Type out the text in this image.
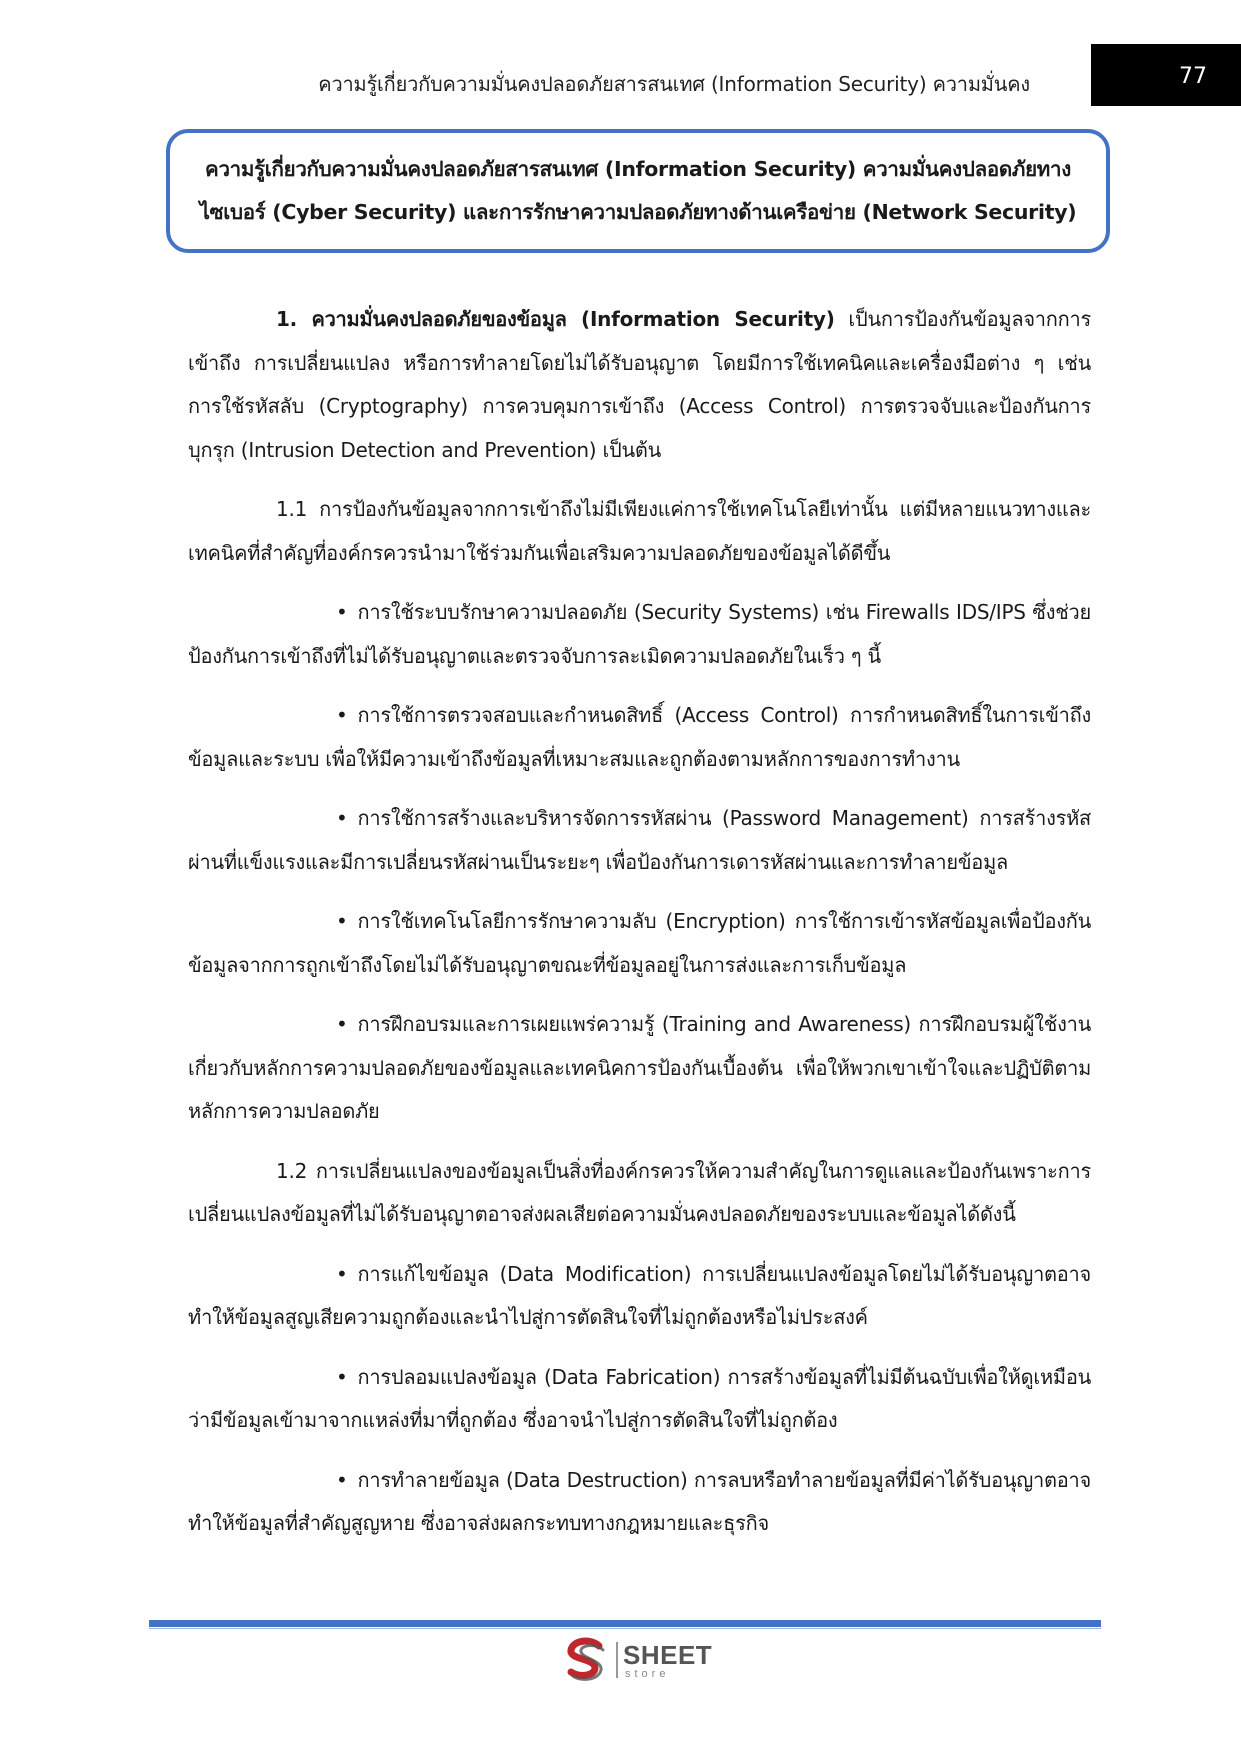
ความรู้เกี่ยวกับความมั่นคงปลอดภัยสารสนเทศ (Information Security) ความมั่นคง	77
ความรู้เกี่ยวกับความมั่นคงปลอดภัยสารสนเทศ (Information Security) ความมั่นคงปลอดภัยทาง
ไซเบอร์ (Cyber Security) และการรักษาความปลอดภัยทางด้านเครือข่าย (Network Security)

1. ความมั่นคงปลอดภัยของข้อมูล (Information Security) เป็นการป้องกันข้อมูลจากการเข้าถึง การเปลี่ยนแปลง หรือการทำลายโดยไม่ได้รับอนุญาต โดยมีการใช้เทคนิคและเครื่องมือต่าง ๆ เช่น การใช้รหัสลับ (Cryptography) การควบคุมการเข้าถึง (Access Control) การตรวจจับและป้องกันการบุกรุก (Intrusion Detection and Prevention) เป็นต้น

1.1 การป้องกันข้อมูลจากการเข้าถึงไม่มีเพียงแค่การใช้เทคโนโลยีเท่านั้น แต่มีหลายแนวทางและเทคนิคที่สำคัญที่องค์กรควรนำมาใช้ร่วมกันเพื่อเสริมความปลอดภัยของข้อมูลได้ดีขึ้น

• การใช้ระบบรักษาความปลอดภัย (Security Systems) เช่น Firewalls IDS/IPS ซึ่งช่วยป้องกันการเข้าถึงที่ไม่ได้รับอนุญาตและตรวจจับการละเมิดความปลอดภัยในเร็ว ๆ นี้

• การใช้การตรวจสอบและกำหนดสิทธิ์ (Access Control) การกำหนดสิทธิ์ในการเข้าถึงข้อมูลและระบบ เพื่อให้มีความเข้าถึงข้อมูลที่เหมาะสมและถูกต้องตามหลักการของการทำงาน

• การใช้การสร้างและบริหารจัดการรหัสผ่าน (Password Management) การสร้างรหัสผ่านที่แข็งแรงและมีการเปลี่ยนรหัสผ่านเป็นระยะๆ เพื่อป้องกันการเดารหัสผ่านและการทำลายข้อมูล

• การใช้เทคโนโลยีการรักษาความลับ (Encryption) การใช้การเข้ารหัสข้อมูลเพื่อป้องกันข้อมูลจากการถูกเข้าถึงโดยไม่ได้รับอนุญาตขณะที่ข้อมูลอยู่ในการส่งและการเก็บข้อมูล

• การฝึกอบรมและการเผยแพร่ความรู้ (Training and Awareness) การฝึกอบรมผู้ใช้งานเกี่ยวกับหลักการความปลอดภัยของข้อมูลและเทคนิคการป้องกันเบื้องต้น เพื่อให้พวกเขาเข้าใจและปฏิบัติตามหลักการความปลอดภัย

1.2 การเปลี่ยนแปลงของข้อมูลเป็นสิ่งที่องค์กรควรให้ความสำคัญในการดูแลและป้องกันเพราะการเปลี่ยนแปลงข้อมูลที่ไม่ได้รับอนุญาตอาจส่งผลเสียต่อความมั่นคงปลอดภัยของระบบและข้อมูลได้ดังนี้

• การแก้ไขข้อมูล (Data Modification) การเปลี่ยนแปลงข้อมูลโดยไม่ได้รับอนุญาตอาจทำให้ข้อมูลสูญเสียความถูกต้องและนำไปสู่การตัดสินใจที่ไม่ถูกต้องหรือไม่ประสงค์

• การปลอมแปลงข้อมูล (Data Fabrication) การสร้างข้อมูลที่ไม่มีต้นฉบับเพื่อให้ดูเหมือนว่ามีข้อมูลเข้ามาจากแหล่งที่มาที่ถูกต้อง ซึ่งอาจนำไปสู่การตัดสินใจที่ไม่ถูกต้อง

• การทำลายข้อมูล (Data Destruction) การลบหรือทำลายข้อมูลที่มีค่าได้รับอนุญาตอาจทำให้ข้อมูลที่สำคัญสูญหาย ซึ่งอาจส่งผลกระทบทางกฎหมายและธุรกิจ

SHEET
store
